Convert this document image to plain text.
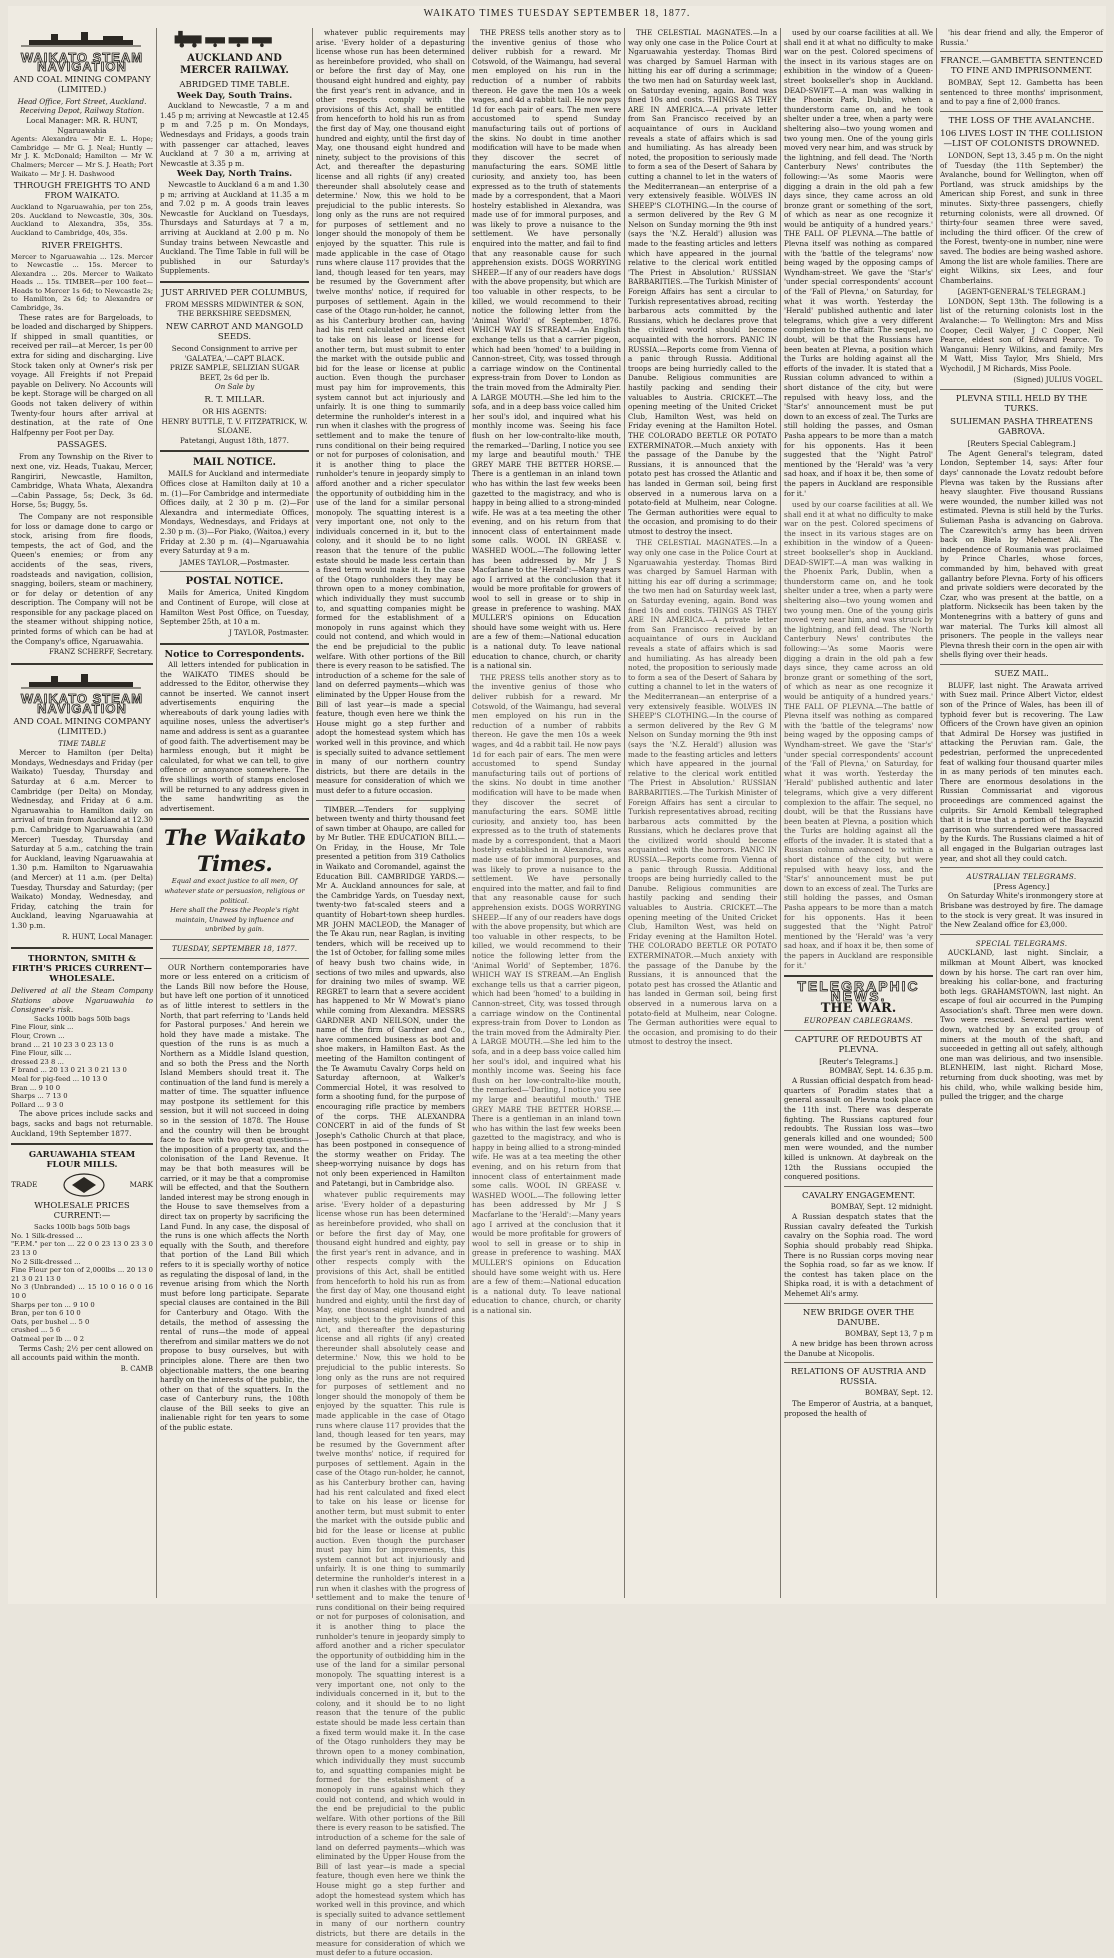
WAIKATO TIMES TUESDAY SEPTEMBER 18, 1877.
WAIKATO STEAM NAVIGATION
AND COAL MINING COMPANY (LIMITED.)
Head Office, Fort Street, Auckland. Receiving Depot, Railway Station.
Local Manager: MR. R. HUNT, Ngaruawahia
Agents: Alexandra — Mr E. L. Hope; Cambridge — Mr G. J. Neal; Huntly — Mr J. K. McDonald; Hamilton — Mr W. Chalmers; Mercer — Mr S. J. Heath; Port Waikato — Mr J. H. Dashwood
THROUGH FREIGHTS TO AND FROM WAIKATO.
Auckland to Ngaruawahia, per ton 25s, 20s. Auckland to Newcastle, 30s, 30s. Auckland to Alexandra, 35s, 35s. Auckland to Cambridge, 40s, 35s.
RIVER FREIGHTS.
Mercer to Ngaruawahia ... 12s. Mercer to Newcastle ... 15s. Mercer to Alexandra ... 20s. Mercer to Waikato Heads ... 15s. TIMBER—per 100 feet—Heads to Mercer 1s 6d; to Newcastle 2s; to Hamilton, 2s 6d; to Alexandra or Cambridge, 3s.
These rates are for Bargeloads, to be loaded and discharged by Shippers. If shipped in small quantities, or received per rail—at Mercer, 1s per 00 extra for siding and discharging. Live Stock taken only at Owner's risk per voyage. All Freights if not Prepaid payable on Delivery. No Accounts will be kept. Storage will be charged on all Goods not taken delivery of within Twenty-four hours after arrival at destination, at the rate of One Halfpenny per Foot per Day.
PASSAGES.
From any Township on the River to next one, viz. Heads, Tuakau, Mercer, Rangiriri, Newcastle, Hamilton, Cambridge, Whata Whata, Alexandra—Cabin Passage, 5s; Deck, 3s 6d. Horse, 5s; Buggy, 5s.
The Company are not responsible for loss or damage done to cargo or stock, arising from fire floods, tempests, the act of God, and the Queen's enemies; or from any accidents of the seas, rivers, roadsteads and navigation, collision, snagging, boilers, steam or machinery, or for delay or detention of any description. The Company will not be responsible for any package placed on the steamer without shipping notice, printed forms of which can be had at the Company's office, Ngaruawahia.
FRANZ SCHERFF, Secretary.
WAIKATO STEAM NAVIGATION
AND COAL MINING COMPANY (LIMITED.)
TIME TABLE
Mercer to Hamilton (per Delta) Mondays, Wednesdays and Friday (per Waikato) Tuesday, Thursday and Saturday at 6 a.m. Mercer to Cambridge (per Delta) on Monday, Wednesday, and Friday at 6 a.m. Ngaruawahia to Hamilton daily on arrival of train from Auckland at 12.30 p.m. Cambridge to Ngaruawahia (and Mercer) Tuesday, Thursday and Saturday at 5 a.m., catching the train for Auckland, leaving Ngaruawahia at 1.30 p.m. Hamilton to Ngaruawahia (and Mercer) at 11 a.m. (per Delta) Tuesday, Thursday and Saturday; (per Waikato) Monday, Wednesday, and Friday, catching the train for Auckland, leaving Ngaruawahia at 1.30 p.m.
R. HUNT, Local Manager.
THORNTON, SMITH & FIRTH'S PRICES CURRENT—WHOLESALE.
Delivered at all the Steam Company Stations above Ngaruawahia to Consignee's risk.
Sacks 100lb bags 50lb bags
Fine Flour, sink ...
Flour, Crown ...
brand ... 21 10 23 3 0 23 13 0
Fine Flour, silk ...
dressed 23 8 ...
F brand ... 20 13 0 21 3 0 21 13 0
Meal for pig-feed ... 10 13 0
Bran ... 9 10 0
Sharps ... 7 13 0
Pollard ... 9 3 0
The above prices include sacks and bags, sacks and bags not returnable. Auckland, 19th September 1877.
GARUAWAHIA STEAM FLOUR MILLS.
TRADE	MARK
WHOLESALE PRICES CURRENT:—
Sacks 100lb bags 50lb bags
No. 1 Silk-dressed ...
"F.P.M." per ton ... 22 0 0 23 13 0 23 3 0 23 13 0
No 2 Silk-dressed ...
Fine Flour per ton of 2,000lbs ... 20 13 0 21 3 0 21 13 0
No 3 (Unbranded) ... 15 10 0 16 0 0 16 10 0
Sharps per ton ... 9 10 0
Bran, per ton 6 10 0
Oats, per bushel ... 5 0
crushed ... 5 6
Oatmeal per lb ... 0 2
Terms Cash; 2½ per cent allowed on all accounts paid within the month.
B. CAMB
AUCKLAND AND MERCER RAILWAY.
ABRIDGED TIME TABLE.
Week Day, South Trains.
Auckland to Newcastle, 7 a m and 1.45 p m; arriving at Newcastle at 12.45 p m and 7.25 p m. On Mondays, Wednesdays and Fridays, a goods train with passenger car attached, leaves Auckland at 7 30 a m, arriving at Newcastle at 3.35 p m.
Week Day, North Trains.
Newcastle to Auckland 6 a m and 1.30 p m; arriving at Auckland at 11.35 a m and 7.02 p m. A goods train leaves Newcastle for Auckland on Tuesdays, Thursdays and Saturdays at 7 a m, arriving at Auckland at 2.00 p m. No Sunday trains between Newcastle and Auckland. The Time Table in full will be published in our Saturday's Supplements.
JUST ARRIVED PER COLUMBUS,
FROM MESSRS MIDWINTER & SON, THE BERKSHIRE SEEDSMEN,
NEW CARROT AND MANGOLD SEEDS.
Second Consignment to arrive per 'GALATEA,'—CAPT BLACK.
PRIZE SAMPLE, SELIZIAN SUGAR BEET, 2s 6d per lb.
On Sale by
R. T. MILLAR.
OR HIS AGENTS:
HENRY BUTTLE, T. V. FITZPATRICK, W. SLOANE.
Patetangi, August 18th, 1877.
MAIL NOTICE.
MAILS for Auckland and intermediate Offices close at Hamilton daily at 10 a m. (1)—For Cambridge and intermediate Offices daily, at 2 30 p m. (2)—For Alexandra and intermediate Offices, Mondays, Wednesdays, and Fridays at 2.30 p m. (3)—For Piako, (Waitoa,) every Friday at 2.30 p m. (4)—Ngaruawahia every Saturday at 9 a m.
JAMES TAYLOR,—Postmaster.
POSTAL NOTICE.
Mails for America, United Kingdom and Continent of Europe, will close at Hamilton West Post Office, on Tuesday, September 25th, at 10 a m.
J TAYLOR, Postmaster.
Notice to Correspondents.
All letters intended for publication in the WAIKATO TIMES should be addressed to the Editor, otherwise they cannot be inserted. We cannot insert advertisements enquiring the whereabouts of dark young ladies with aquiline noses, unless the advertiser's name and address is sent as a guarantee of good faith. The advertisement may be harmless enough, but it might be calculated, for what we can tell, to give offence or annoyance somewhere. The five shillings worth of stamps enclosed will be returned to any address given in the same handwriting as the advertisement.
The Waikato Times.
Equal and exact justice to all men, Of whatever state or persuasion, religious or political.
Here shall the Press the People's right maintain, Unawed by influence and unbribed by gain.
TUESDAY, SEPTEMBER 18, 1877.
OUR Northern contemporaries have more or less entered on a criticism of the Lands Bill now before the House, but have left one portion of it unnoticed as of little interest to settlers in the North, that part referring to 'Lands held for Pastoral purposes.' And herein we hold they have made a mistake. The question of the runs is as much a Northern as a Middle Island question, and so both the Press and the North Island Members should treat it. The continuation of the land fund is merely a matter of time. The squatter influence may postpone its settlement for this session, but it will not succeed in doing so in the session of 1878. The House and the country will then be brought face to face with two great questions—the imposition of a property tax, and the colonisation of the Land Revenue. It may be that both measures will be carried, or it may be that a compromise will be effected, and that the Southern landed interest may be strong enough in the House to save themselves from a direct tax on property by sacrificing the Land Fund. In any case, the disposal of the runs is one which affects the North equally with the South, and therefore that portion of the Land Bill which refers to it is specially worthy of notice as regulating the disposal of land, in the revenue arising from which the North must before long participate. Separate special clauses are contained in the Bill for Canterbury and Otago. With the details, the method of assessing the rental of runs—the mode of appeal therefrom and similar matters we do not propose to busy ourselves, but with principles alone. There are then two objectionable matters, the one bearing hardly on the interests of the public, the other on that of the squatters. In the case of Canterbury runs, the 108th clause of the Bill seeks to give an inalienable right for ten years to some of the public estate.
whatever public requirements may arise. 'Every holder of a depasturing license whose run has been determined as hereinbefore provided, who shall on or before the first day of May, one thousand eight hundred and eighty, pay the first year's rent in advance, and in other respects comply with the provisions of this Act, shall be entitled from henceforth to hold his run as from the first day of May, one thousand eight hundred and eighty, until the first day of May, one thousand eight hundred and ninety, subject to the provisions of this Act, and thereafter the depasturing license and all rights (if any) created thereunder shall absolutely cease and determine.' Now, this we hold to be prejudicial to the public interests. So long only as the runs are not required for purposes of settlement and no longer should the monopoly of them be enjoyed by the squatter. This rule is made applicable in the case of Otago runs where clause 117 provides that the land, though leased for ten years, may be resumed by the Government after twelve months' notice, if required for purposes of settlement. Again in the case of the Otago run-holder, he cannot, as his Canterbury brother can, having had his rent calculated and fixed elect to take on his lease or license for another term, but must submit to enter the market with the outside public and bid for the lease or license at public auction. Even though the purchaser must pay him for improvements, this system cannot but act injuriously and unfairly. It is one thing to summarily determine the runholder's interest in a run when it clashes with the progress of settlement and to make the tenure of runs conditional on their being required or not for purposes of colonisation, and it is another thing to place the runholder's tenure in jeopardy simply to afford another and a richer speculator the opportunity of outbidding him in the use of the land for a similar personal monopoly. The squatting interest is a very important one, not only to the individuals concerned in it, but to the colony, and it should be to no light reason that the tenure of the public estate should be made less certain than a fixed term would make it. In the case of the Otago runholders they may be thrown open to a money combination, which individually they must succumb to, and squatting companies might be formed for the establishment of a monopoly in runs against which they could not contend, and which would in the end be prejudicial to the public welfare. With other portions of the Bill there is every reason to be satisfied. The introduction of a scheme for the sale of land on deferred payments—which was eliminated by the Upper House from the Bill of last year—is made a special feature, though even here we think the House might go a step further and adopt the homestead system which has worked well in this province, and which is specially suited to advance settlement in many of our northern country districts, but there are details in the measure for consideration of which we must defer to a future occasion.
TIMBER.—Tenders for supplying between twenty and thirty thousand feet of sawn timber at Ohaupo, are called for by Mr Butler. THE EDUCATION BILL.—On Friday, in the House, Mr Tole presented a petition from 319 Catholics in Waikato and Coromandel, against the Education Bill. CAMBRIDGE YARDS.—Mr A. Auckland announces for sale, at the Cambridge Yards, on Tuesday next, twenty-two fat-scaled steers and a quantity of Hobart-town sheep hurdles. MR JOHN MACLEOD, the Manager of the Te Akau run, near Raglan, is inviting tenders, which will be received up to the 1st of October, for falling some miles of heavy bush two chains wide, in sections of two miles and upwards, also for draining two miles of swamp. WE REGRET to learn that a severe accident has happened to Mr W Mowat's piano while coming from Alexandra. MESSRS GARDNER AND NEILSON, under the name of the firm of Gardner and Co., have commenced business as boot and shoe makers, in Hamilton East. As the meeting of the Hamilton contingent of the Te Awamutu Cavalry Corps held on Saturday afternoon, at Walker's Commercial Hotel, it was resolved to form a shooting fund, for the purpose of encouraging rifle practice by members of the corps. THE ALEXANDRA CONCERT in aid of the funds of St Joseph's Catholic Church at that place, has been postponed in consequence of the stormy weather on Friday. The sheep-worrying nuisance by dogs has not only been experienced in Hamilton and Patetangi, but in Cambridge also.
whatever public requirements may arise. 'Every holder of a depasturing license whose run has been determined as hereinbefore provided, who shall on or before the first day of May, one thousand eight hundred and eighty, pay the first year's rent in advance, and in other respects comply with the provisions of this Act, shall be entitled from henceforth to hold his run as from the first day of May, one thousand eight hundred and eighty, until the first day of May, one thousand eight hundred and ninety, subject to the provisions of this Act, and thereafter the depasturing license and all rights (if any) created thereunder shall absolutely cease and determine.' Now, this we hold to be prejudicial to the public interests. So long only as the runs are not required for purposes of settlement and no longer should the monopoly of them be enjoyed by the squatter. This rule is made applicable in the case of Otago runs where clause 117 provides that the land, though leased for ten years, may be resumed by the Government after twelve months' notice, if required for purposes of settlement. Again in the case of the Otago run-holder, he cannot, as his Canterbury brother can, having had his rent calculated and fixed elect to take on his lease or license for another term, but must submit to enter the market with the outside public and bid for the lease or license at public auction. Even though the purchaser must pay him for improvements, this system cannot but act injuriously and unfairly. It is one thing to summarily determine the runholder's interest in a run when it clashes with the progress of settlement and to make the tenure of runs conditional on their being required or not for purposes of colonisation, and it is another thing to place the runholder's tenure in jeopardy simply to afford another and a richer speculator the opportunity of outbidding him in the use of the land for a similar personal monopoly. The squatting interest is a very important one, not only to the individuals concerned in it, but to the colony, and it should be to no light reason that the tenure of the public estate should be made less certain than a fixed term would make it. In the case of the Otago runholders they may be thrown open to a money combination, which individually they must succumb to, and squatting companies might be formed for the establishment of a monopoly in runs against which they could not contend, and which would in the end be prejudicial to the public welfare. With other portions of the Bill there is every reason to be satisfied. The introduction of a scheme for the sale of land on deferred payments—which was eliminated by the Upper House from the Bill of last year—is made a special feature, though even here we think the House might go a step further and adopt the homestead system which has worked well in this province, and which is specially suited to advance settlement in many of our northern country districts, but there are details in the measure for consideration of which we must defer to a future occasion.
THE PRESS tells another story as to the inventive genius of those who deliver rubbish for a reward. Mr Cotswold, of the Waimangu, had several men employed on his run in the reduction of a number of rabbits thereon. He gave the men 10s a week wages, and 4d a rabbit tail. He now pays 1d for each pair of ears. The men were accustomed to spend Sunday manufacturing tails out of portions of the skins. No doubt in time another modification will have to be made when they discover the secret of manufacturing the ears. SOME little curiosity, and anxiety too, has been expressed as to the truth of statements made by a correspondent, that a Maori hostelry established in Alexandra, was made use of for immoral purposes, and was likely to prove a nuisance to the settlement. We have personally enquired into the matter, and fail to find that any reasonable cause for such apprehension exists. DOGS WORRYING SHEEP.—If any of our readers have dogs with the above propensity, but which are too valuable in other respects, to be killed, we would recommend to their notice the following letter from the 'Animal World' of September, 1876. WHICH WAY IS STREAM.—An English exchange tells us that a carrier pigeon, which had been 'homed' to a building in Cannon-street, City, was tossed through a carriage window on the Continental express-train from Dover to London as the train moved from the Admiralty Pier. A LARGE MOUTH.—She led him to the sofa, and in a deep bass voice called him her soul's idol, and inquired what his monthly income was. Seeing his face flush on her low-contralto-like mouth, the remarked—'Darling, I notice you see my large and beautiful mouth.' THE GREY MARE THE BETTER HORSE.—There is a gentleman in an inland town who has within the last few weeks been gazetted to the magistracy, and who is happy in being allied to a strong-minded wife. He was at a tea meeting the other evening, and on his return from that innocent class of entertainment made some calls. WOOL IN GREASE v. WASHED WOOL.—The following letter has been addressed by Mr J S Macfarlane to the 'Herald':—Many years ago I arrived at the conclusion that it would be more profitable for growers of wool to sell in grease or to ship in grease in preference to washing. MAX MULLER'S opinions on Education should have some weight with us. Here are a few of them:—National education is a national duty. To leave national education to chance, church, or charity is a national sin.
THE PRESS tells another story as to the inventive genius of those who deliver rubbish for a reward. Mr Cotswold, of the Waimangu, had several men employed on his run in the reduction of a number of rabbits thereon. He gave the men 10s a week wages, and 4d a rabbit tail. He now pays 1d for each pair of ears. The men were accustomed to spend Sunday manufacturing tails out of portions of the skins. No doubt in time another modification will have to be made when they discover the secret of manufacturing the ears. SOME little curiosity, and anxiety too, has been expressed as to the truth of statements made by a correspondent, that a Maori hostelry established in Alexandra, was made use of for immoral purposes, and was likely to prove a nuisance to the settlement. We have personally enquired into the matter, and fail to find that any reasonable cause for such apprehension exists. DOGS WORRYING SHEEP.—If any of our readers have dogs with the above propensity, but which are too valuable in other respects, to be killed, we would recommend to their notice the following letter from the 'Animal World' of September, 1876. WHICH WAY IS STREAM.—An English exchange tells us that a carrier pigeon, which had been 'homed' to a building in Cannon-street, City, was tossed through a carriage window on the Continental express-train from Dover to London as the train moved from the Admiralty Pier. A LARGE MOUTH.—She led him to the sofa, and in a deep bass voice called him her soul's idol, and inquired what his monthly income was. Seeing his face flush on her low-contralto-like mouth, the remarked—'Darling, I notice you see my large and beautiful mouth.' THE GREY MARE THE BETTER HORSE.—There is a gentleman in an inland town who has within the last few weeks been gazetted to the magistracy, and who is happy in being allied to a strong-minded wife. He was at a tea meeting the other evening, and on his return from that innocent class of entertainment made some calls. WOOL IN GREASE v. WASHED WOOL.—The following letter has been addressed by Mr J S Macfarlane to the 'Herald':—Many years ago I arrived at the conclusion that it would be more profitable for growers of wool to sell in grease or to ship in grease in preference to washing. MAX MULLER'S opinions on Education should have some weight with us. Here are a few of them:—National education is a national duty. To leave national education to chance, church, or charity is a national sin.
THE CELESTIAL MAGNATES.—In a way only one case in the Police Court at Ngaruawahia yesterday. Thomas Bird was charged by Samuel Harman with hitting his ear off during a scrimmage; the two men had on Saturday week last, on Saturday evening, again. Bond was fined 10s and costs. THINGS AS THEY ARE IN AMERICA.—A private letter from San Francisco received by an acquaintance of ours in Auckland reveals a state of affairs which is sad and humiliating. As has already been noted, the proposition to seriously made to form a sea of the Desert of Sahara by cutting a channel to let in the waters of the Mediterranean—an enterprise of a very extensively feasible. WOLVES IN SHEEP'S CLOTHING.—In the course of a sermon delivered by the Rev G M Nelson on Sunday morning the 9th inst (says the 'N.Z. Herald') allusion was made to the feasting articles and letters which have appeared in the journal relative to the clerical work entitled 'The Priest in Absolution.' RUSSIAN BARBARITIES.—The Turkish Minister of Foreign Affairs has sent a circular to Turkish representatives abroad, reciting barbarous acts committed by the Russians, which he declares prove that the civilized world should become acquainted with the horrors. PANIC IN RUSSIA.—Reports come from Vienna of a panic through Russia. Additional troops are being hurriedly called to the Danube. Religious communities are hastily packing and sending their valuables to Austria. CRICKET.—The opening meeting of the United Cricket Club, Hamilton West, was held on Friday evening at the Hamilton Hotel. THE COLORADO BEETLE OR POTATO EXTERMINATOR.—Much anxiety with the passage of the Danube by the Russians, it is announced that the potato pest has crossed the Atlantic and has landed in German soil, being first observed in a numerous larva on a potato-field at Mulheim, near Cologne. The German authorities were equal to the occasion, and promising to do their utmost to destroy the insect.
THE CELESTIAL MAGNATES.—In a way only one case in the Police Court at Ngaruawahia yesterday. Thomas Bird was charged by Samuel Harman with hitting his ear off during a scrimmage; the two men had on Saturday week last, on Saturday evening, again. Bond was fined 10s and costs. THINGS AS THEY ARE IN AMERICA.—A private letter from San Francisco received by an acquaintance of ours in Auckland reveals a state of affairs which is sad and humiliating. As has already been noted, the proposition to seriously made to form a sea of the Desert of Sahara by cutting a channel to let in the waters of the Mediterranean—an enterprise of a very extensively feasible. WOLVES IN SHEEP'S CLOTHING.—In the course of a sermon delivered by the Rev G M Nelson on Sunday morning the 9th inst (says the 'N.Z. Herald') allusion was made to the feasting articles and letters which have appeared in the journal relative to the clerical work entitled 'The Priest in Absolution.' RUSSIAN BARBARITIES.—The Turkish Minister of Foreign Affairs has sent a circular to Turkish representatives abroad, reciting barbarous acts committed by the Russians, which he declares prove that the civilized world should become acquainted with the horrors. PANIC IN RUSSIA.—Reports come from Vienna of a panic through Russia. Additional troops are being hurriedly called to the Danube. Religious communities are hastily packing and sending their valuables to Austria. CRICKET.—The opening meeting of the United Cricket Club, Hamilton West, was held on Friday evening at the Hamilton Hotel. THE COLORADO BEETLE OR POTATO EXTERMINATOR.—Much anxiety with the passage of the Danube by the Russians, it is announced that the potato pest has crossed the Atlantic and has landed in German soil, being first observed in a numerous larva on a potato-field at Mulheim, near Cologne. The German authorities were equal to the occasion, and promising to do their utmost to destroy the insect.
used by our coarse facilities at all. We shall end it at what no difficulty to make war on the pest. Colored specimens of the insect in its various stages are on exhibition in the window of a Queen-street bookseller's shop in Auckland. DEAD-SWIFT.—A man was walking in the Phoenix Park, Dublin, when a thunderstorm came on, and he took shelter under a tree, when a party were sheltering also—two young women and two young men. One of the young girls moved very near him, and was struck by the lightning, and fell dead. The 'North Canterbury News' contributes the following:—'As some Maoris were digging a drain in the old pah a few days since, they came across an old bronze grant or something of the sort, of which as near as one recognize it would be antiquity of a hundred years.' THE FALL OF PLEVNA.—The battle of Plevna itself was nothing as compared with the 'battle of the telegrams' now being waged by the opposing camps of Wyndham-street. We gave the 'Star's' 'under special correspondents' account of the 'Fall of Plevna,' on Saturday, for what it was worth. Yesterday the 'Herald' published authentic and later telegrams, which give a very different complexion to the affair. The sequel, no doubt, will be that the Russians have been beaten at Plevna, a position which the Turks are holding against all the efforts of the invader. It is stated that a Russian column advanced to within a short distance of the city, but were repulsed with heavy loss, and the 'Star's' announcement must be put down to an excess of zeal. The Turks are still holding the passes, and Osman Pasha appears to be more than a match for his opponents. Has it been suggested that the 'Night Patrol' mentioned by the 'Herald' was 'a very sad hoax, and if hoax it be, then some of the papers in Auckland are responsible for it.'
used by our coarse facilities at all. We shall end it at what no difficulty to make war on the pest. Colored specimens of the insect in its various stages are on exhibition in the window of a Queen-street bookseller's shop in Auckland. DEAD-SWIFT.—A man was walking in the Phoenix Park, Dublin, when a thunderstorm came on, and he took shelter under a tree, when a party were sheltering also—two young women and two young men. One of the young girls moved very near him, and was struck by the lightning, and fell dead. The 'North Canterbury News' contributes the following:—'As some Maoris were digging a drain in the old pah a few days since, they came across an old bronze grant or something of the sort, of which as near as one recognize it would be antiquity of a hundred years.' THE FALL OF PLEVNA.—The battle of Plevna itself was nothing as compared with the 'battle of the telegrams' now being waged by the opposing camps of Wyndham-street. We gave the 'Star's' 'under special correspondents' account of the 'Fall of Plevna,' on Saturday, for what it was worth. Yesterday the 'Herald' published authentic and later telegrams, which give a very different complexion to the affair. The sequel, no doubt, will be that the Russians have been beaten at Plevna, a position which the Turks are holding against all the efforts of the invader. It is stated that a Russian column advanced to within a short distance of the city, but were repulsed with heavy loss, and the 'Star's' announcement must be put down to an excess of zeal. The Turks are still holding the passes, and Osman Pasha appears to be more than a match for his opponents. Has it been suggested that the 'Night Patrol' mentioned by the 'Herald' was 'a very sad hoax, and if hoax it be, then some of the papers in Auckland are responsible for it.'
TELEGRAPHIC NEWS.
THE WAR.
EUROPEAN CABLEGRAMS.
CAPTURE OF REDOUBTS AT PLEVNA.
[Reuter's Telegrams.]
BOMBAY, Sept. 14. 6.35 p.m.
A Russian official despatch from head-quarters of Poradim states that a general assault on Plevna took place on the 11th inst. There was desperate fighting. The Russians captured four redoubts. The Russian loss was—two generals killed and one wounded; 500 men were wounded, and the number killed is unknown. At daybreak on the 12th the Russians occupied the conquered positions.
CAVALRY ENGAGEMENT.
BOMBAY, Sept. 12 midnight.
A Russian despatch states that the Russian cavalry defeated the Turkish cavalry on the Sophia road. The word Sophia should probably read Shipka. There is no Russian corps moving near the Sophia road, so far as we know. If the contest has taken place on the Shipka road, it is with a detachment of Mehemet Ali's army.
NEW BRIDGE OVER THE DANUBE.
BOMBAY, Sept 13, 7 p m
A new bridge has been thrown across the Danube at Nicopolis.
RELATIONS OF AUSTRIA AND RUSSIA.
BOMBAY, Sept. 12.
The Emperor of Austria, at a banquet, proposed the health of
'his dear friend and ally, the Emperor of Russia.'
FRANCE.—GAMBETTA SENTENCED TO FINE AND IMPRISONMENT.
BOMBAY, Sept 12. Gambetta has been sentenced to three months' imprisonment, and to pay a fine of 2,000 francs.
THE LOSS OF THE AVALANCHE.
106 LIVES LOST IN THE COLLISION—LIST OF COLONISTS DROWNED.
LONDON, Sept 13, 3.45 p m. On the night of Tuesday (the 11th September) the Avalanche, bound for Wellington, when off Portland, was struck amidships by the American ship Forest, and sunk in three minutes. Sixty-three passengers, chiefly returning colonists, were all drowned. Of thirty-four seamen three were saved, including the third officer. Of the crew of the Forest, twenty-one in number, nine were saved. The bodies are being washed ashore. Among the list are whole families. There are eight Wilkins, six Lees, and four Chamberlains.
[AGENT-GENERAL'S TELEGRAM.]
LONDON, Sept 13th. The following is a list of the returning colonists lost in the Avalanche:— To Wellington: Mrs and Miss Cooper, Cecil Walyer, J C Cooper, Neil Pearce, eldest son of Edward Pearce. To Wanganui: Henry Wilkins, and family; Mrs M Watt, Miss Taylor, Mrs Shield, Mrs Wychodil, J M Richards, Miss Poole.
(Signed) JULIUS VOGEL.
PLEVNA STILL HELD BY THE TURKS.
SULIEMAN PASHA THREATENS GABROVA.
[Reuters Special Cablegram.]
The Agent General's telegram, dated London, September 14, says: After four days' cannonade the Lovatz redoubt before Plevna was taken by the Russians after heavy slaughter. Five thousand Russians were wounded, the number killed was not estimated. Plevna is still held by the Turks. Sulieman Pasha is advancing on Gabrova. The Czarewitch's army has been driven back on Biela by Mehemet Ali. The independence of Roumania was proclaimed by Prince Charles, whose forces, commanded by him, behaved with great gallantry before Plevna. Forty of his officers and private soldiers were decorated by the Czar, who was present at the battle, on a platform. Nicksecik has been taken by the Montenegrins with a battery of guns and war material. The Turks kill almost all prisoners. The people in the valleys near Plevna thresh their corn in the open air with shells flying over their heads.
SUEZ MAIL.
BLUFF, last night. The Arawata arrived with Suez mail. Prince Albert Victor, eldest son of the Prince of Wales, has been ill of typhoid fever but is recovering. The Law Officers of the Crown have given an opinion that Admiral De Horsey was justified in attacking the Peruvian ram. Gale, the pedestrian, performed the unprecedented feat of walking four thousand quarter miles in as many periods of ten minutes each. There are enormous desolations in the Russian Commissariat and vigorous proceedings are commenced against the culprits. Sir Arnold Kemball telegraphed that it is true that a portion of the Bayazid garrison who surrendered were massacred by the Kurds. The Russians claimed a hit of all engaged in the Bulgarian outrages last year, and shot all they could catch.
AUSTRALIAN TELEGRAMS.
[Press Agency.]
On Saturday White's ironmongery store at Brisbane was destroyed by fire. The damage to the stock is very great. It was insured in the New Zealand office for £3,000.
SPECIAL TELEGRAMS.
AUCKLAND, last night. Sinclair, a milkman at Mount Albert, was knocked down by his horse. The cart ran over him, breaking his collar-bone, and fracturing both legs. GRAHAMSTOWN, last night. An escape of foul air occurred in the Pumping Association's shaft. Three men were down. Two were rescued. Several parties went down, watched by an excited group of miners at the mouth of the shaft, and succeeded in getting all out safely, although one man was delirious, and two insensible. BLENHEIM, last night. Richard Mose, returning from duck shooting, was met by his child, who, while walking beside him, pulled the trigger, and the charge
